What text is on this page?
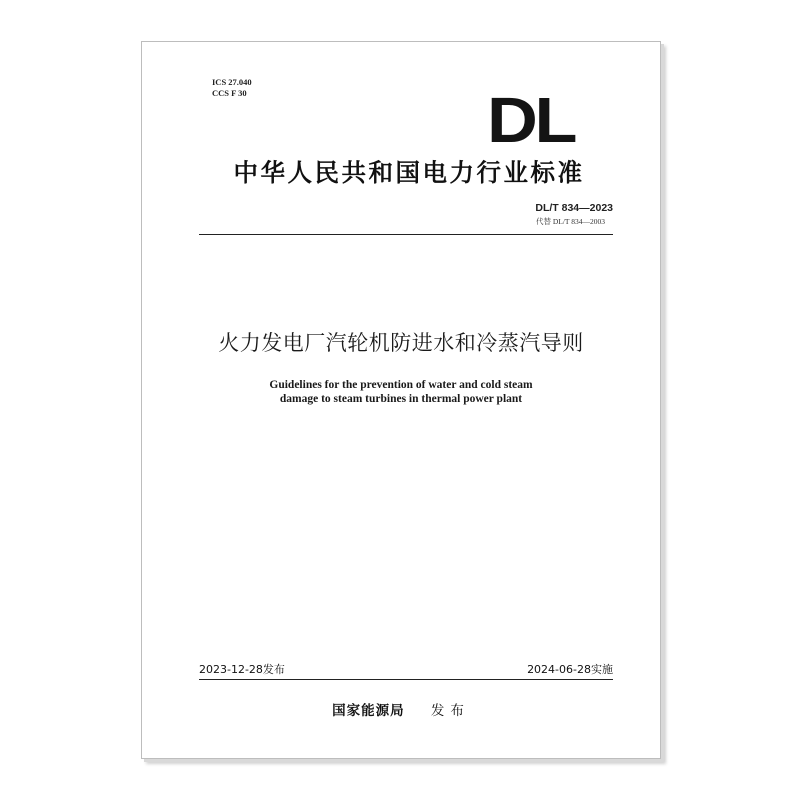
ICS 27.040
CCS F 30	DL
中华人民共和国电力行业标准
DL/T 834—2023
代替 DL/T 834—2003
火力发电厂汽轮机防进水和冷蒸汽导则
Guidelines for the prevention of water and cold steam
damage to steam turbines in thermal power plant
2023-12-28发布	2024-06-28实施
国家能源局 发布
